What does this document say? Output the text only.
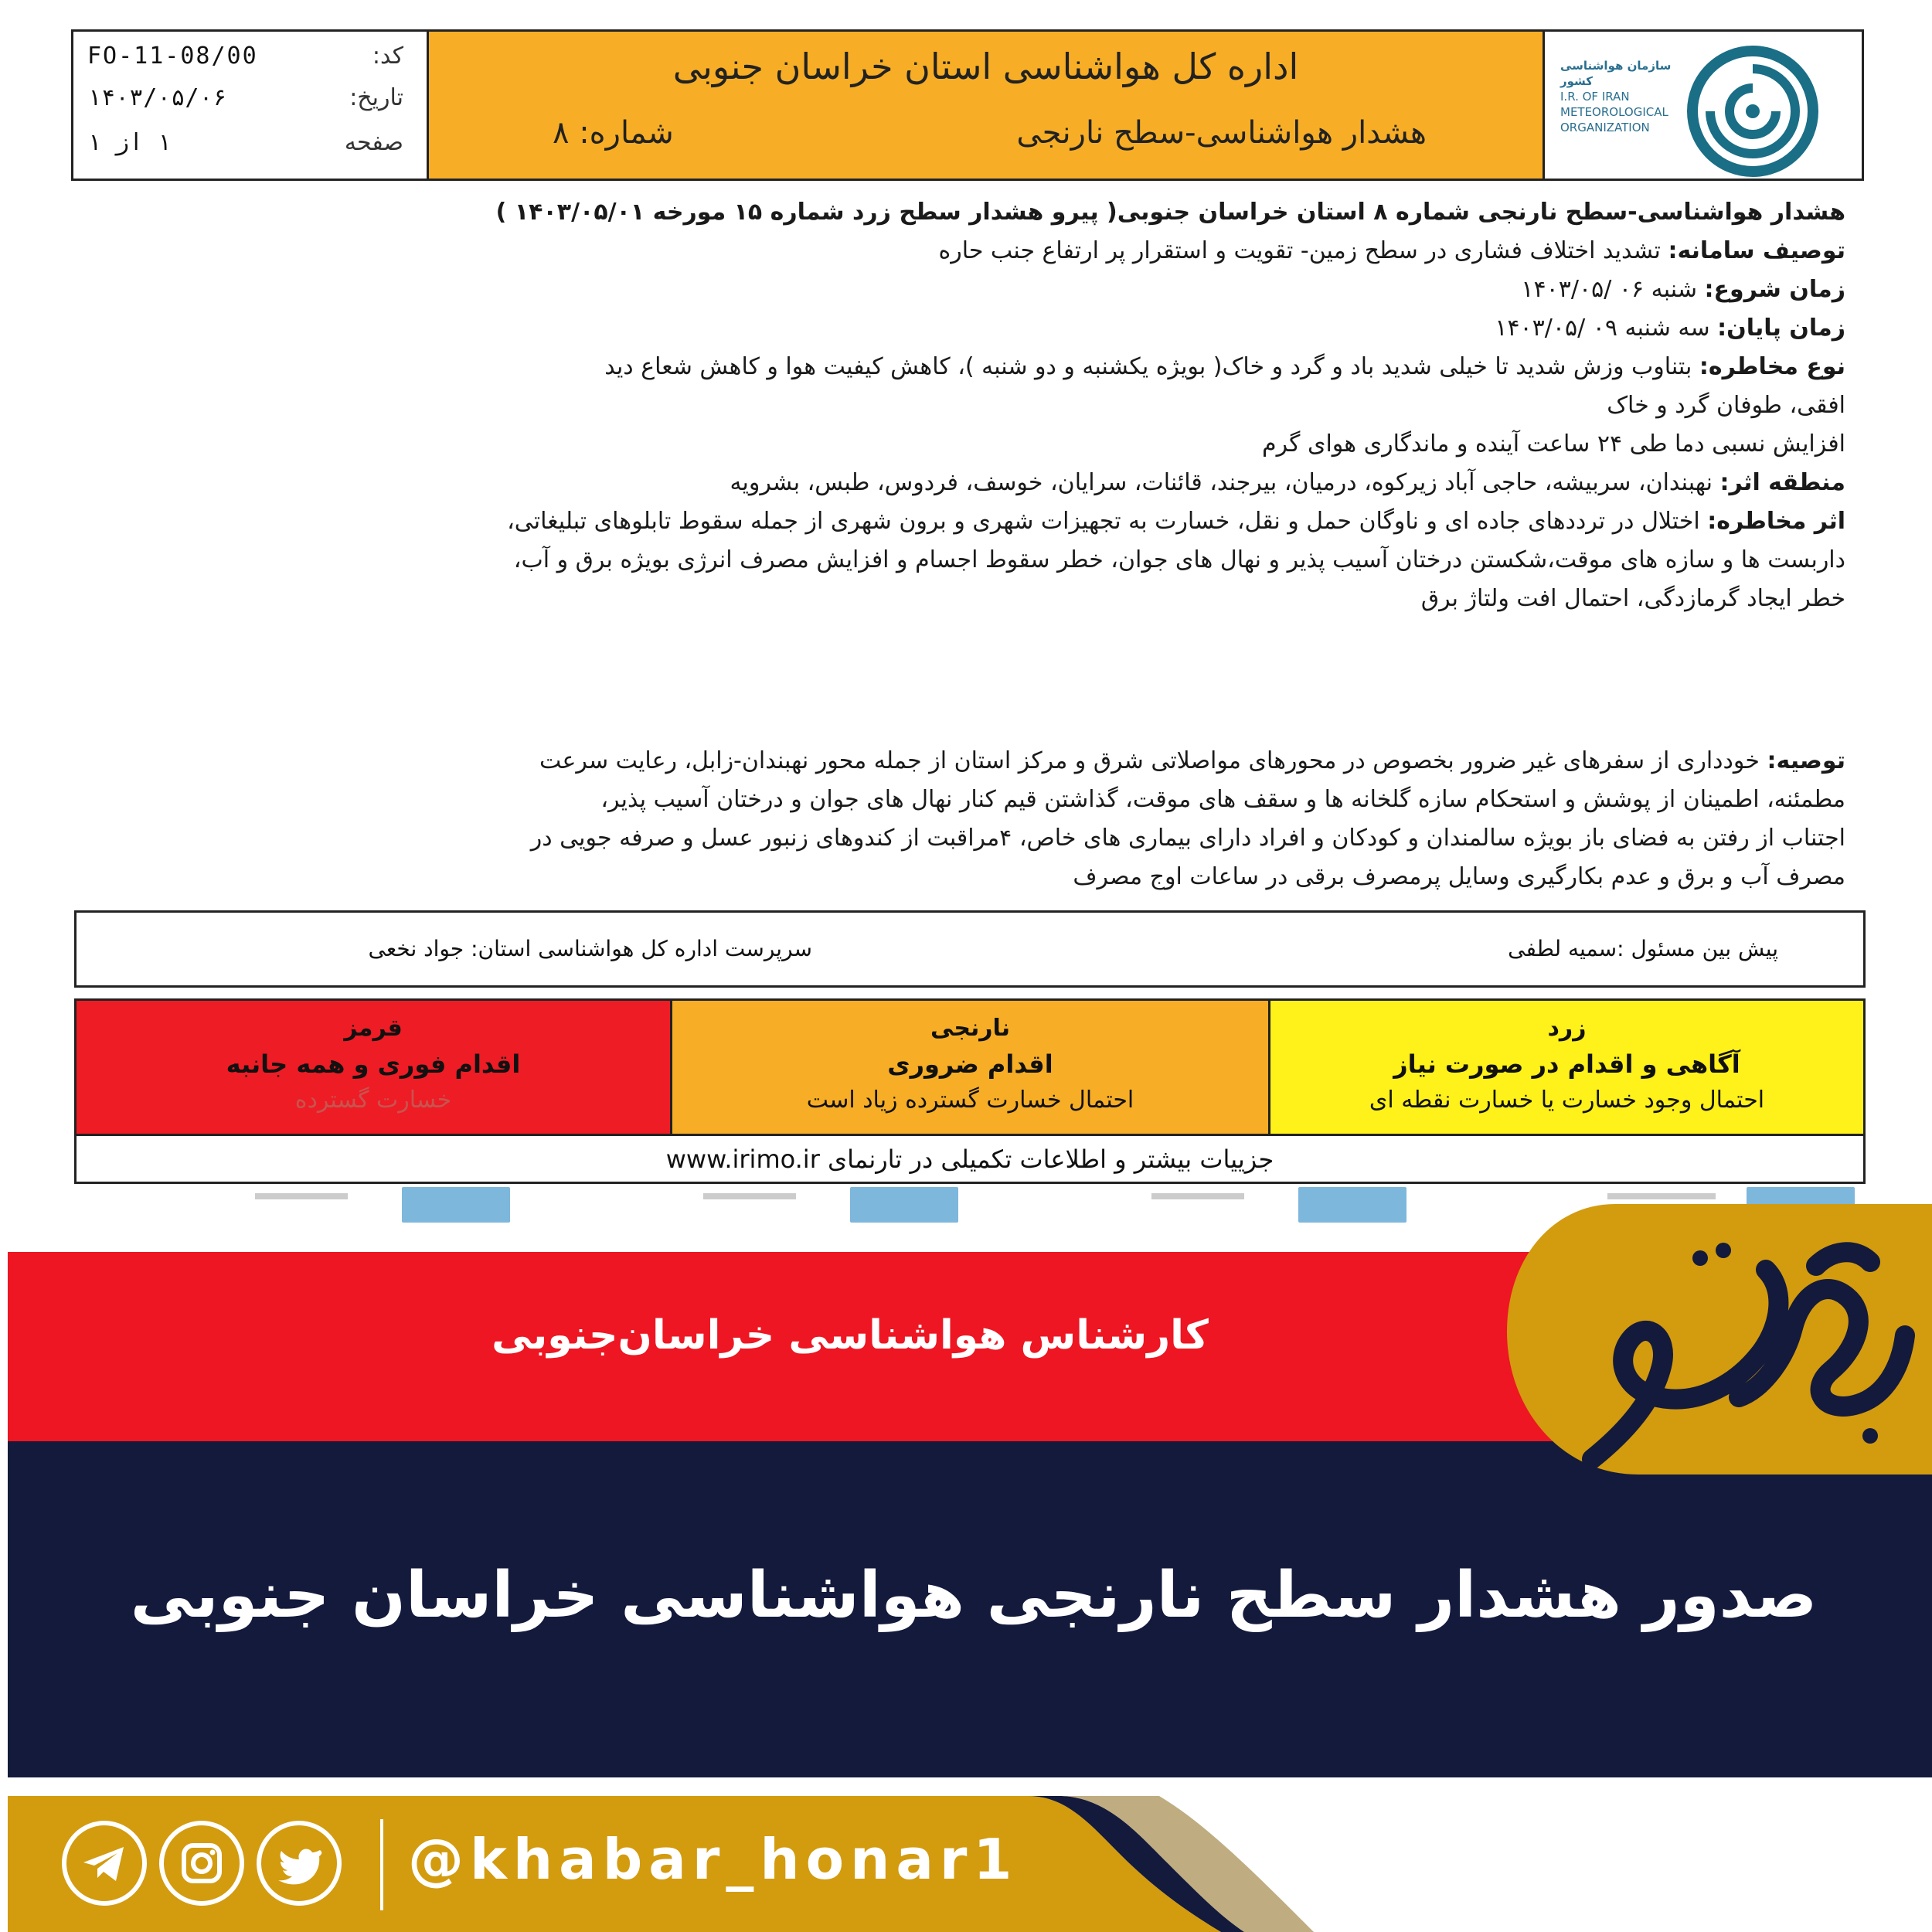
کد:
FO-11-08/00
تاریخ:
۱۴۰۳/۰۵/۰۶
صفحه
۱ از ۱
اداره کل هواشناسی استان خراسان جنوبی
هشدار هواشناسی-سطح نارنجی
شماره: ۸
سازمان هواشناسی کشور
I.R. OF IRAN
METEOROLOGICAL
ORGANIZATION
هشدار هواشناسی-سطح نارنجی شماره ۸ استان خراسان جنوبی( پیرو هشدار سطح زرد شماره ۱۵ مورخه ۱۴۰۳/۰۵/۰۱ )
توصیف سامانه: تشدید اختلاف فشاری در سطح زمین- تقویت و استقرار پر ارتفاع جنب حاره
زمان شروع: شنبه ۰۶ /۱۴۰۳/۰۵
زمان پایان: سه شنبه ۰۹ /۱۴۰۳/۰۵
نوع مخاطره: بتناوب وزش شدید تا خیلی شدید باد و گرد و خاک( بویژه یکشنبه و دو شنبه )، کاهش کیفیت هوا و کاهش شعاع دید
افقی، طوفان گرد و خاک
افزایش نسبی دما طی ۲۴ ساعت آینده و ماندگاری هوای گرم
منطقه اثر: نهبندان، سربیشه، حاجی آباد زیرکوه، درمیان، بیرجند، قائنات، سرایان، خوسف، فردوس، طبس، بشرویه
اثر مخاطره: اختلال در ترددهای جاده ای و ناوگان حمل و نقل، خسارت به تجهیزات شهری و برون شهری از جمله سقوط تابلوهای تبلیغاتی،
داربست ها و سازه های موقت،شکستن درختان آسیب پذیر و نهال های جوان، خطر سقوط اجسام و افزایش مصرف انرژی بویژه برق و آب،
خطر ایجاد گرمازدگی، احتمال افت ولتاژ برق
توصیه: خودداری از سفرهای غیر ضرور بخصوص در محورهای مواصلاتی شرق و مرکز استان از جمله محور نهبندان-زابل، رعایت سرعت
مطمئنه، اطمینان از پوشش و استحکام سازه گلخانه ها و سقف های موقت، گذاشتن قیم کنار نهال های جوان و درختان آسیب پذیر،
اجتناب از رفتن به فضای باز بویژه سالمندان و کودکان و افراد دارای بیماری های خاص، ۴مراقبت از کندوهای زنبور عسل و صرفه جویی در
مصرف آب و برق و عدم بکارگیری وسایل پرمصرف برقی در ساعات اوج مصرف
پیش بین مسئول :سمیه لطفی
سرپرست اداره کل هواشناسی استان: جواد نخعی
زرد
آگاهی و اقدام در صورت نیاز
احتمال وجود خسارت یا خسارت نقطه ای
نارنجی
اقدام ضروری
احتمال خسارت گسترده زیاد است
قرمز
اقدام فوری و همه جانبه
خسارت گسترده
جزییات بیشتر و اطلاعات تکمیلی در تارنمای www.irimo.ir
کارشناس هواشناسی خراسان‌جنوبی
صدور هشدار سطح نارنجی هواشناسی خراسان جنوبی
@khabar_honar1
